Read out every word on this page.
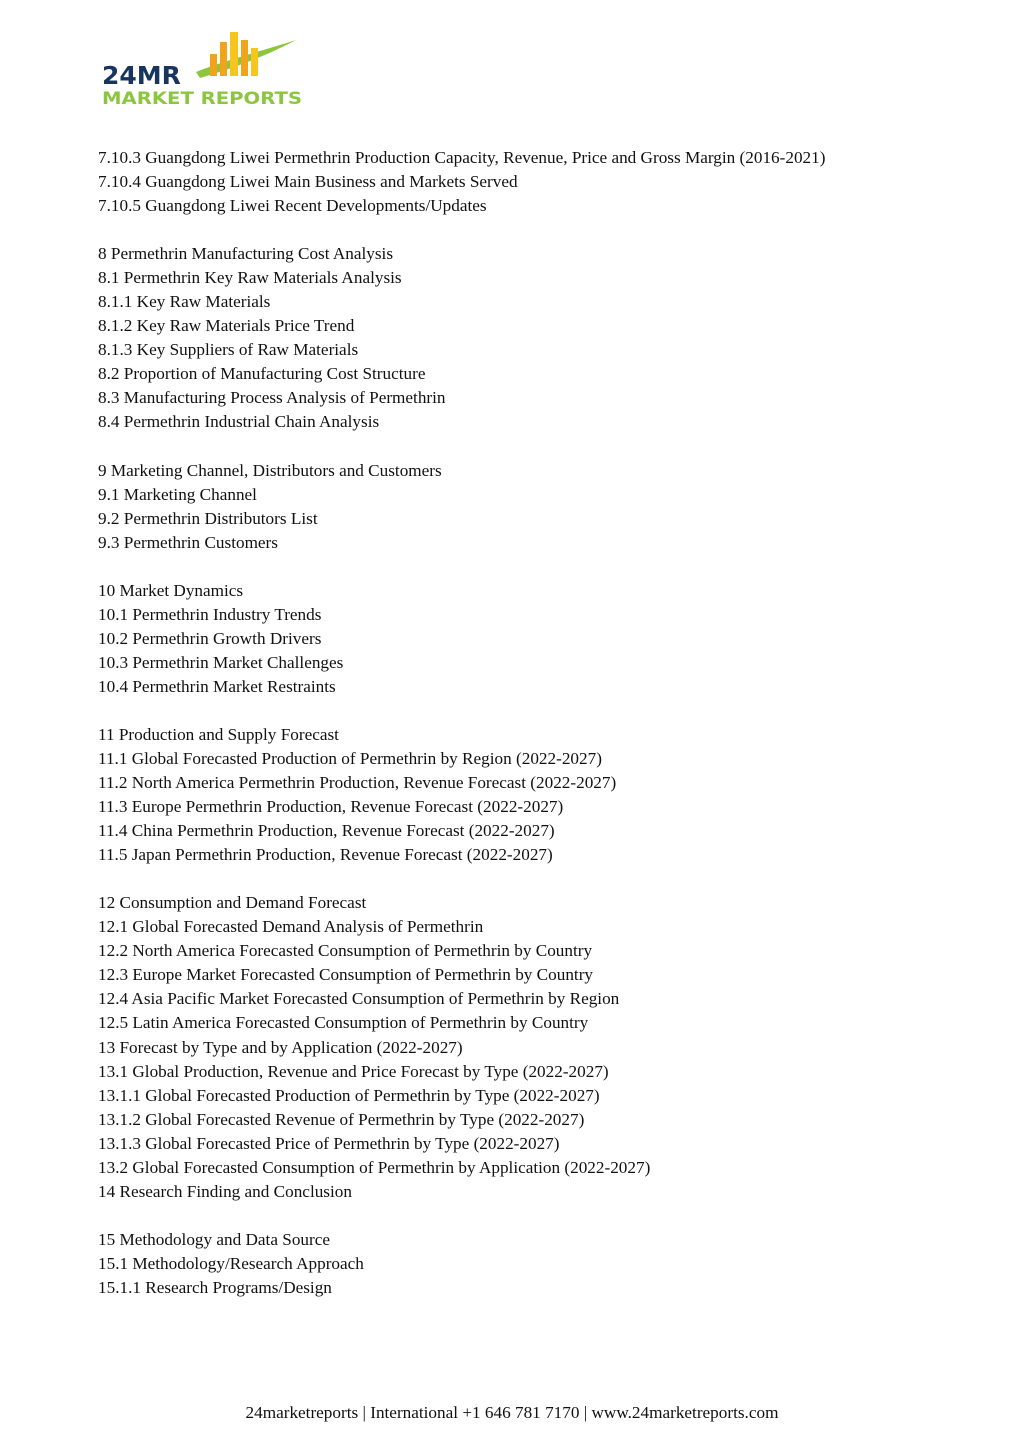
24MR
MARKET REPORTS
7.10.3 Guangdong Liwei Permethrin Production Capacity, Revenue, Price and Gross Margin (2016-2021)
7.10.4 Guangdong Liwei Main Business and Markets Served
7.10.5 Guangdong Liwei Recent Developments/Updates
8 Permethrin Manufacturing Cost Analysis
8.1 Permethrin Key Raw Materials Analysis
8.1.1 Key Raw Materials
8.1.2 Key Raw Materials Price Trend
8.1.3 Key Suppliers of Raw Materials
8.2 Proportion of Manufacturing Cost Structure
8.3 Manufacturing Process Analysis of Permethrin
8.4 Permethrin Industrial Chain Analysis
9 Marketing Channel, Distributors and Customers
9.1 Marketing Channel
9.2 Permethrin Distributors List
9.3 Permethrin Customers
10 Market Dynamics
10.1 Permethrin Industry Trends
10.2 Permethrin Growth Drivers
10.3 Permethrin Market Challenges
10.4 Permethrin Market Restraints
11 Production and Supply Forecast
11.1 Global Forecasted Production of Permethrin by Region (2022-2027)
11.2 North America Permethrin Production, Revenue Forecast (2022-2027)
11.3 Europe Permethrin Production, Revenue Forecast (2022-2027)
11.4 China Permethrin Production, Revenue Forecast (2022-2027)
11.5 Japan Permethrin Production, Revenue Forecast (2022-2027)
12 Consumption and Demand Forecast
12.1 Global Forecasted Demand Analysis of Permethrin
12.2 North America Forecasted Consumption of Permethrin by Country
12.3 Europe Market Forecasted Consumption of Permethrin by Country
12.4 Asia Pacific Market Forecasted Consumption of Permethrin by Region
12.5 Latin America Forecasted Consumption of Permethrin by Country
13 Forecast by Type and by Application (2022-2027)
13.1 Global Production, Revenue and Price Forecast by Type (2022-2027)
13.1.1 Global Forecasted Production of Permethrin by Type (2022-2027)
13.1.2 Global Forecasted Revenue of Permethrin by Type (2022-2027)
13.1.3 Global Forecasted Price of Permethrin by Type (2022-2027)
13.2 Global Forecasted Consumption of Permethrin by Application (2022-2027)
14 Research Finding and Conclusion
15 Methodology and Data Source
15.1 Methodology/Research Approach
15.1.1 Research Programs/Design
24marketreports | International +1 646 781 7170 | www.24marketreports.com
